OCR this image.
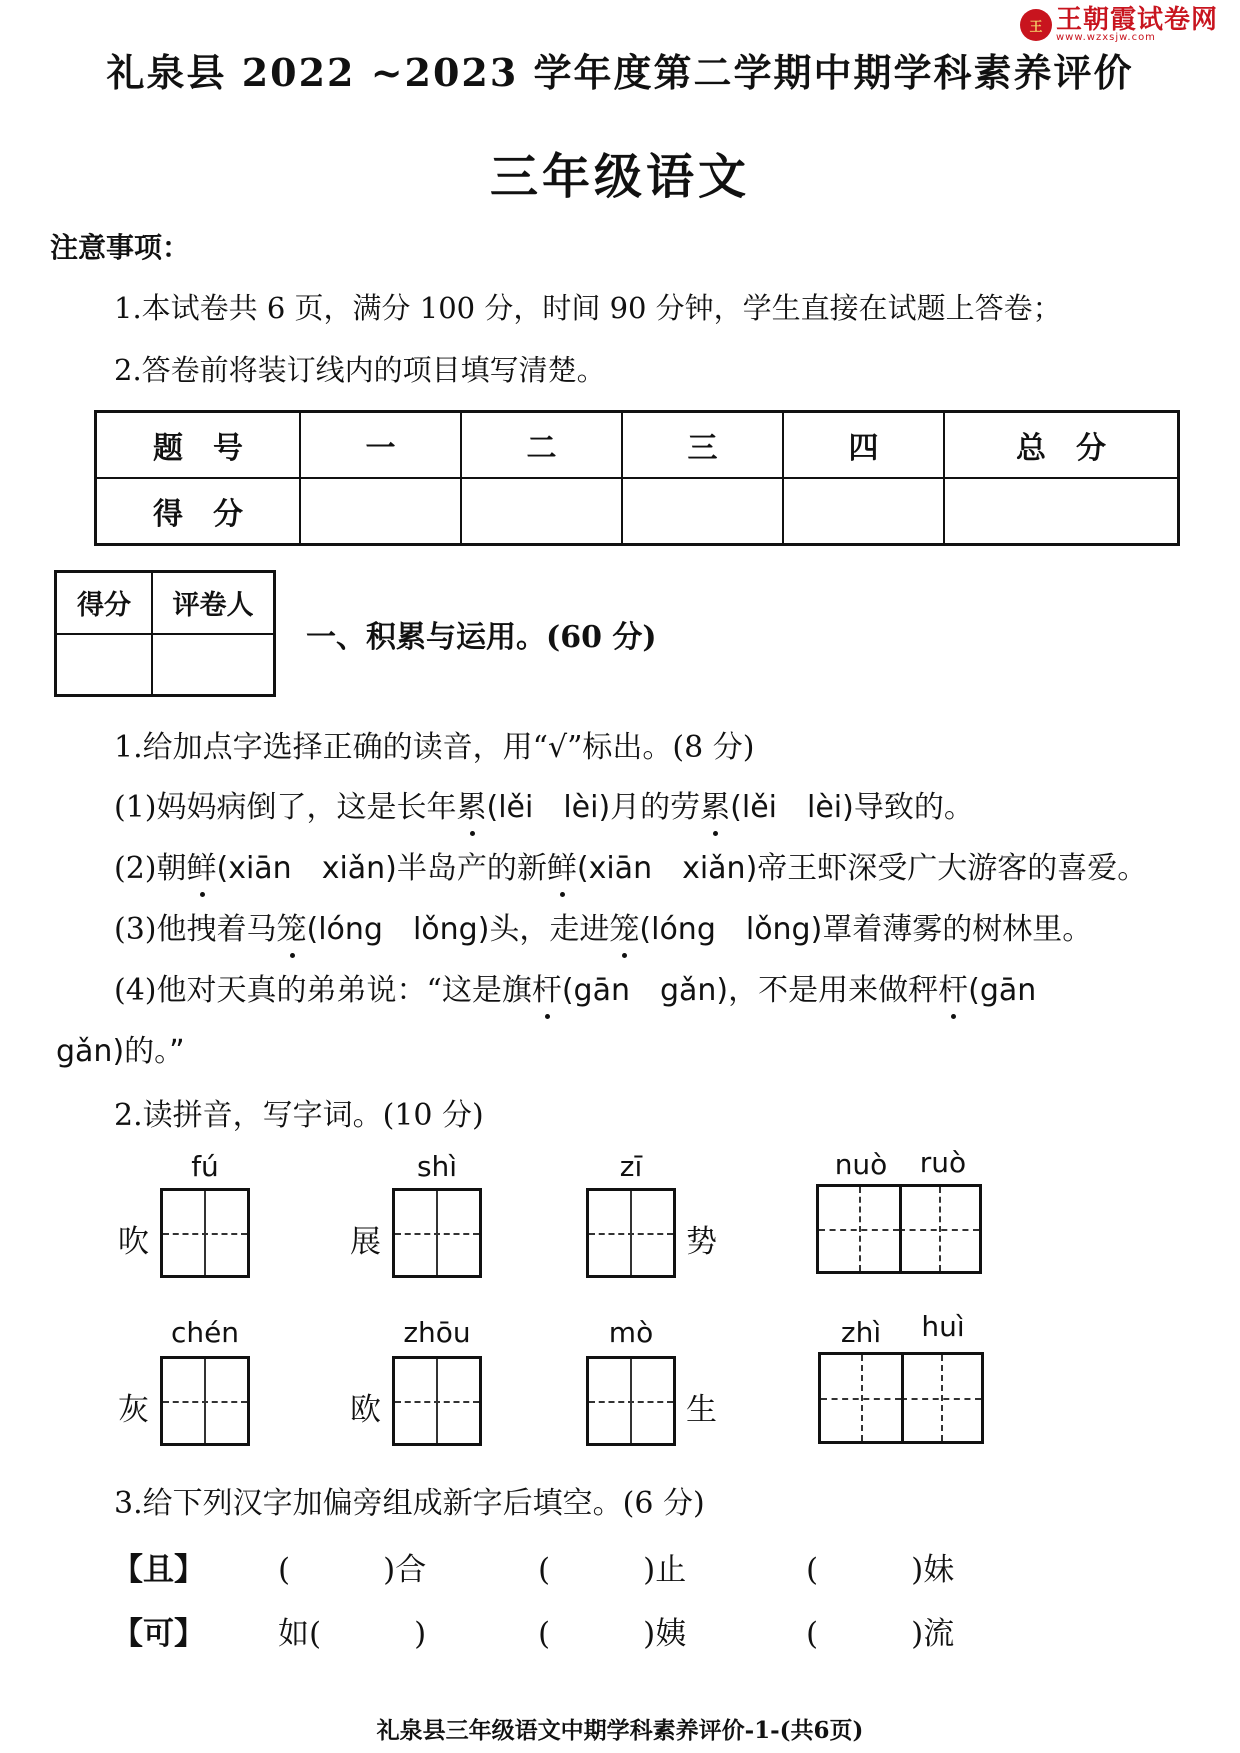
王 王朝霞试卷网
www.wzxsjw.com
礼泉县 2022 ~2023 学年度第二学期中期学科素养评价
三年级语文
注意事项：
1.本试卷共 6 页，满分 100 分，时间 90 分钟，学生直接在试题上答卷；
2.答卷前将装订线内的项目填写清楚。
题　号	一	二	三	四	总　分
得　分					
得分	评卷人

一、积累与运用。(60 分)
1.给加点字选择正确的读音，用“√”标出。(8 分)
(1)妈妈病倒了，这是长年累(lěi　lèi)月的劳累(lěi　lèi)导致的。
(2)朝鲜(xiān　xiǎn)半岛产的新鲜(xiān　xiǎn)帝王虾深受广大游客的喜爱。
(3)他拽着马笼(lóng　lǒng)头，走进笼(lóng　lǒng)罩着薄雾的树林里。
(4)他对天真的弟弟说：“这是旗杆(gān　gǎn)，不是用来做秤杆(gān
gǎn)的。”
2.读拼音，写字词。(10 分)
fú
吹
shì
展
zī
势
nuò	ruò
chén
灰
zhōu
欧
mò
生
zhì	huì
3.给下列汉字加偏旁组成新字后填空。(6 分)
【且】 (　　　)合	(　　　)止	(　　　)妹
【可】 如(　　　)	(　　　)姨	(　　　)流
礼泉县三年级语文中期学科素养评价-1-(共6页)
